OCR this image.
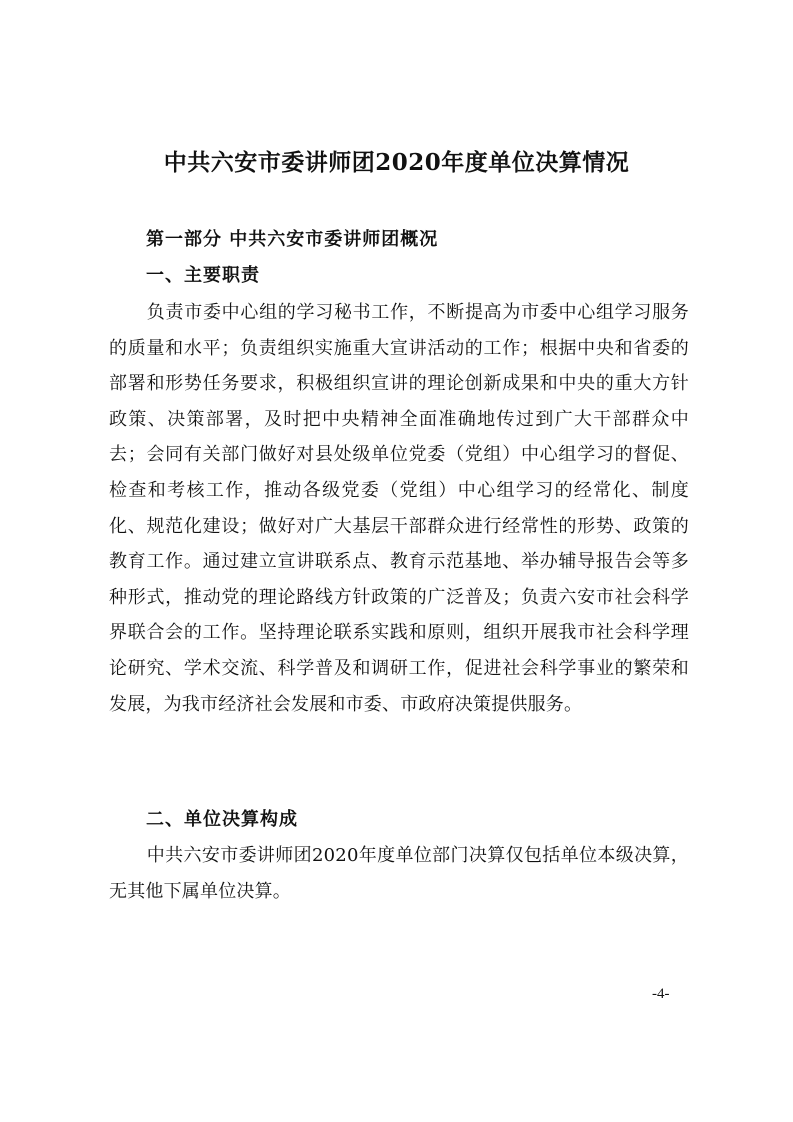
中共六安市委讲师团2020年度单位决算情况
第一部分 中共六安市委讲师团概况
一、主要职责

负责市委中心组的学习秘书工作，不断提高为市委中心组学习服务的质量和水平；负责组织实施重大宣讲活动的工作；根据中央和省委的部署和形势任务要求，积极组织宣讲的理论创新成果和中央的重大方针政策、决策部署，及时把中央精神全面准确地传过到广大干部群众中去；会同有关部门做好对县处级单位党委（党组）中心组学习的督促、检查和考核工作，推动各级党委（党组）中心组学习的经常化、制度化、规范化建设；做好对广大基层干部群众进行经常性的形势、政策的教育工作。通过建立宣讲联系点、教育示范基地、举办辅导报告会等多种形式，推动党的理论路线方针政策的广泛普及；负责六安市社会科学界联合会的工作。坚持理论联系实践和原则，组织开展我市社会科学理论研究、学术交流、科学普及和调研工作，促进社会科学事业的繁荣和发展，为我市经济社会发展和市委、市政府决策提供服务。

二、单位决算构成

中共六安市委讲师团2020年度单位部门决算仅包括单位本级决算，无其他下属单位决算。

-4-
